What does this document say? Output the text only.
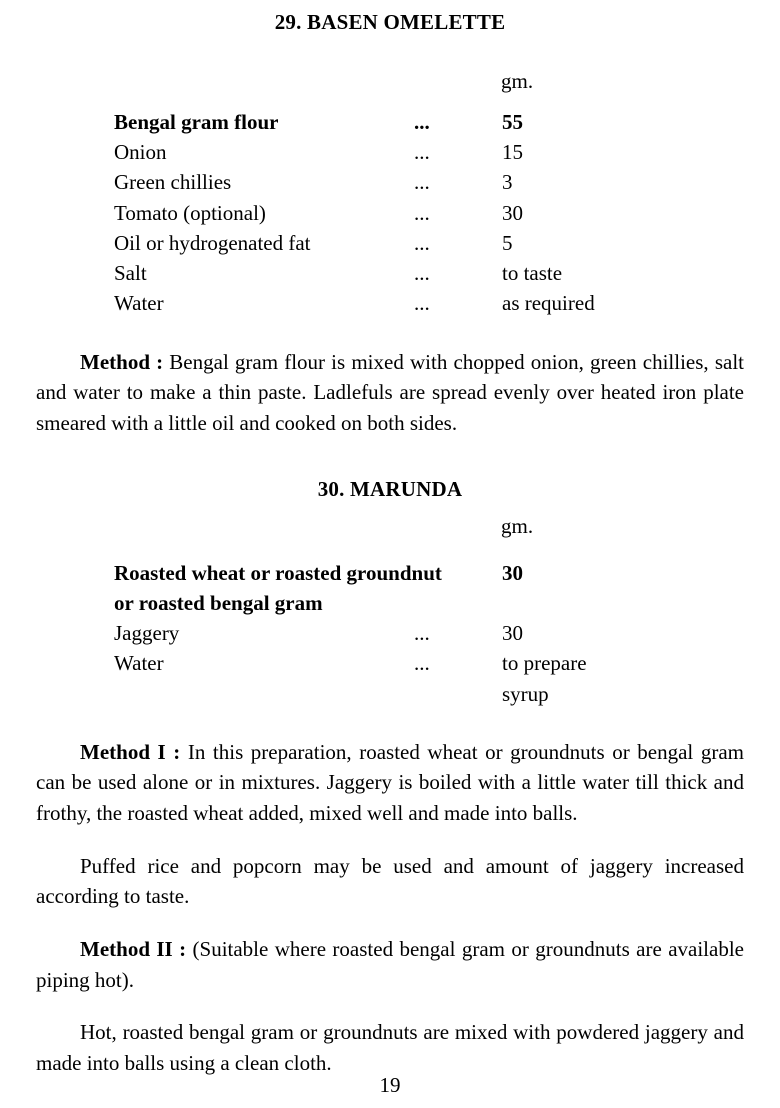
29. BASEN OMELETTE
gm.
Bengal gram flour	...	55
Onion	...	15
Green chillies	...	3
Tomato (optional)	...	30
Oil or hydrogenated fat	...	5
Salt	...	to taste
Water	...	as required

Method : Bengal gram flour is mixed with chopped onion, green chillies, salt and water to make a thin paste. Ladlefuls are spread evenly over heated iron plate smeared with a little oil and cooked on both sides.

30. MARUNDA
gm.
Roasted wheat or roasted groundnut		30
or roasted bengal gram		
Jaggery	...	30
Water	...	to prepare
		syrup

Method I : In this preparation, roasted wheat or groundnuts or bengal gram can be used alone or in mixtures. Jaggery is boiled with a little water till thick and frothy, the roasted wheat added, mixed well and made into balls.

Puffed rice and popcorn may be used and amount of jaggery increased according to taste.

Method II : (Suitable where roasted bengal gram or groundnuts are available piping hot).

Hot, roasted bengal gram or groundnuts are mixed with powdered jaggery and made into balls using a clean cloth.

19
